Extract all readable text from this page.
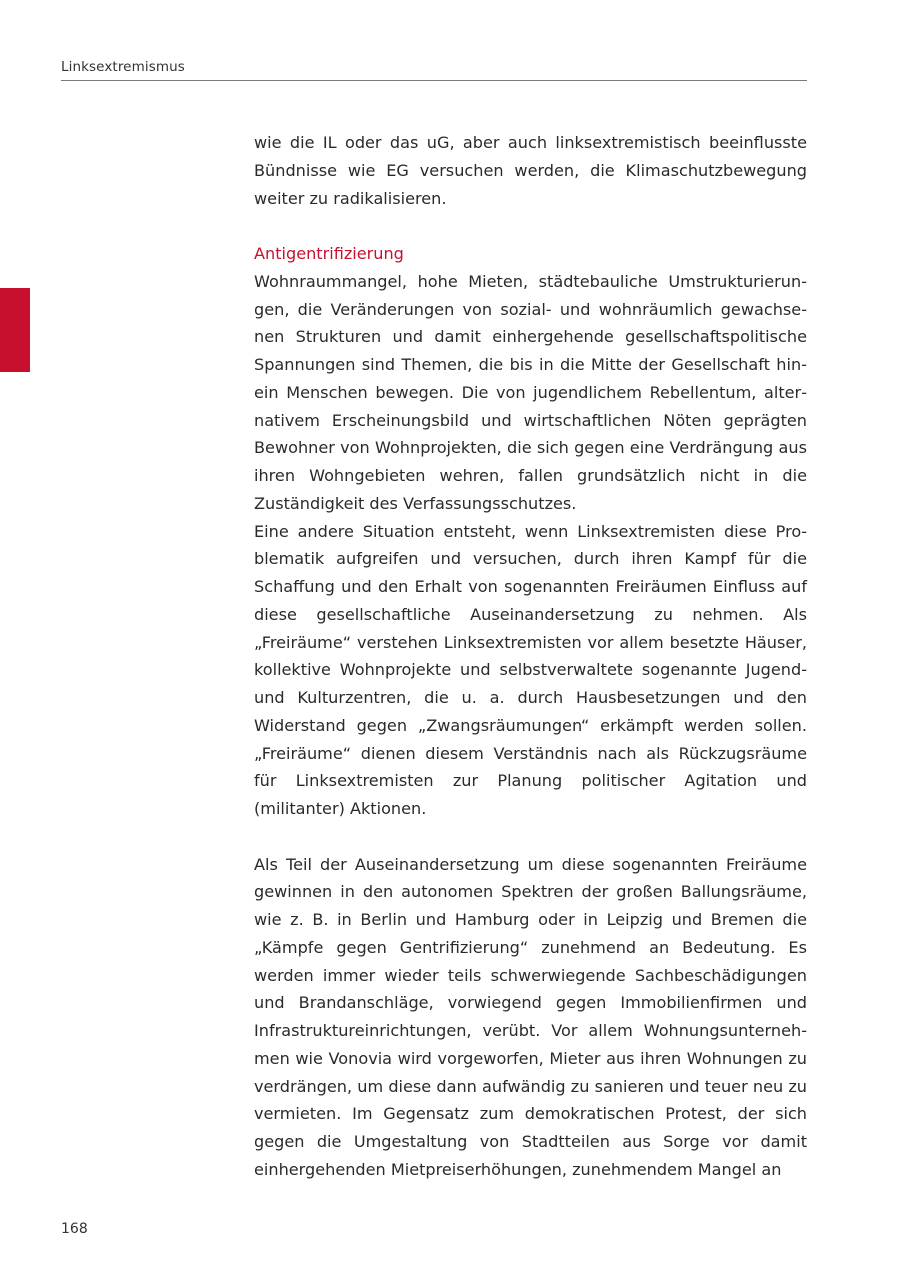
Linksextremismus

wie die IL oder das uG, aber auch linksextremistisch beeinflusste Bündnisse wie EG versuchen werden, die Klimaschutzbewegung weiter zu radikalisieren.

Antigentrifizierung

Wohnraummangel, hohe Mieten, städtebauliche Umstrukturierungen, die Veränderungen von sozial- und wohnräumlich gewachsenen Strukturen und damit einhergehende gesellschaftspolitische Spannungen sind Themen, die bis in die Mitte der Gesellschaft hinein Menschen bewegen. Die von jugendlichem Rebellentum, alternativem Erscheinungsbild und wirtschaftlichen Nöten geprägten Bewohner von Wohnprojekten, die sich gegen eine Verdrängung aus ihren Wohngebieten wehren, fallen grundsätzlich nicht in die Zuständigkeit des Verfassungsschutzes.

Eine andere Situation entsteht, wenn Linksextremisten diese Problematik aufgreifen und versuchen, durch ihren Kampf für die Schaffung und den Erhalt von sogenannten Freiräumen Einfluss auf diese gesellschaftliche Auseinandersetzung zu nehmen. Als „Freiräume“ verstehen Linksextremisten vor allem besetzte Häuser, kollektive Wohnprojekte und selbstverwaltete sogenannte Jugend- und Kulturzentren, die u. a. durch Hausbesetzungen und den Widerstand gegen „Zwangsräumungen“ erkämpft werden sollen. „Freiräume“ dienen diesem Verständnis nach als Rückzugsräume für Linksextremisten zur Planung politischer Agitation und (militanter) Aktionen.

Als Teil der Auseinandersetzung um diese sogenannten Freiräume gewinnen in den autonomen Spektren der großen Ballungsräume, wie z. B. in Berlin und Hamburg oder in Leipzig und Bremen die „Kämpfe gegen Gentrifizierung“ zunehmend an Bedeutung. Es werden immer wieder teils schwerwiegende Sachbeschädigungen und Brandanschläge, vorwiegend gegen Immobilienfirmen und Infrastruktureinrichtungen, verübt. Vor allem Wohnungsunternehmen wie Vonovia wird vorgeworfen, Mieter aus ihren Wohnungen zu verdrängen, um diese dann aufwändig zu sanieren und teuer neu zu vermieten. Im Gegensatz zum demokratischen Protest, der sich gegen die Umgestaltung von Stadtteilen aus Sorge vor damit einhergehenden Mietpreiserhöhungen, zunehmendem Mangel an

168
